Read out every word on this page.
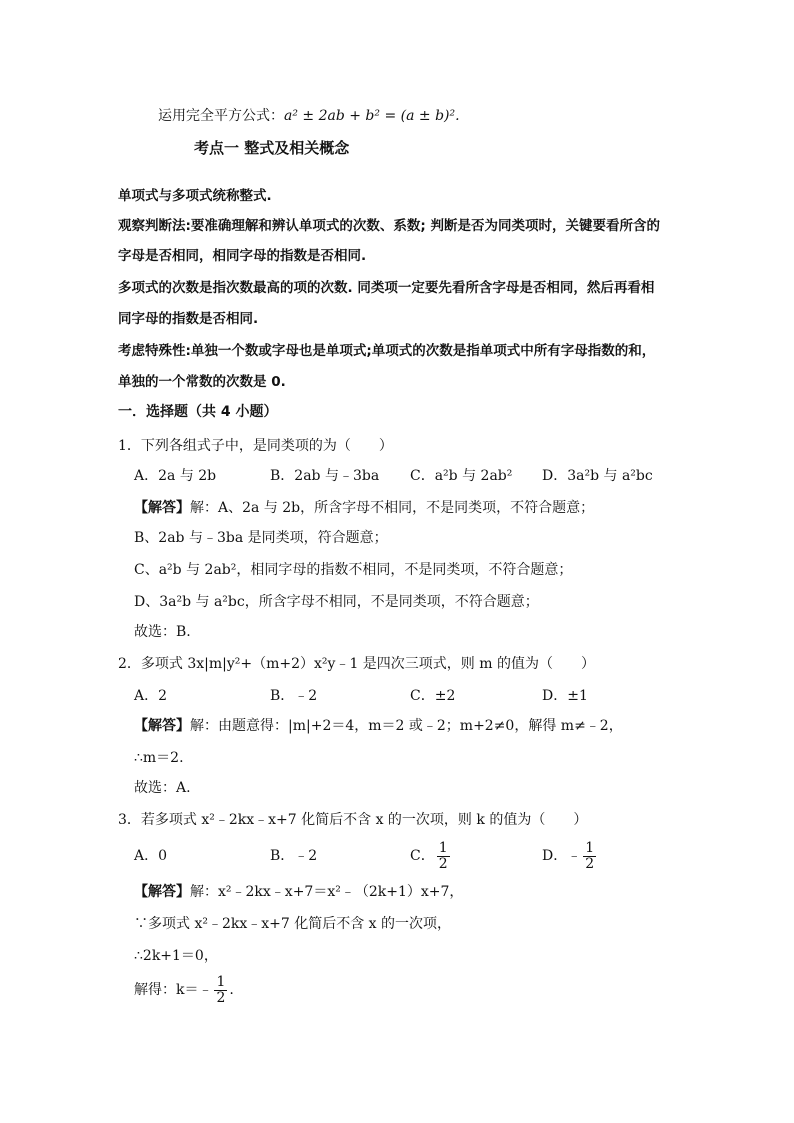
运用完全平方公式：a² ± 2ab + b² = (a ± b)².
考点一 整式及相关概念
单项式与多项式统称整式.
观察判断法:要准确理解和辨认单项式的次数、系数; 判断是否为同类项时，关键要看所含的
字母是否相同，相同字母的指数是否相同.
多项式的次数是指次数最高的项的次数. 同类项一定要先看所含字母是否相同，然后再看相
同字母的指数是否相同.
考虑特殊性:单独一个数或字母也是单项式;单项式的次数是指单项式中所有字母指数的和，
单独的一个常数的次数是 0.
一．选择题（共 4 小题）
1．下列各组式子中，是同类项的为（　　）
A．2a 与 2b	B．2ab 与﹣3ba C．a²b 与 2ab² D．3a²b 与 a²bc
【解答】解：A、2a 与 2b，所含字母不相同，不是同类项，不符合题意；
B、2ab 与﹣3ba 是同类项，符合题意；
C、a²b 与 2ab²，相同字母的指数不相同，不是同类项，不符合题意；
D、3a²b 与 a²bc，所含字母不相同，不是同类项，不符合题意；
故选：B.
2．多项式 3x|m|y²+（m+2）x²y﹣1 是四次三项式，则 m 的值为（　　）
A．2	B．﹣2	C．±2	D．±1
【解答】解：由题意得：|m|+2＝4，m＝2 或﹣2；m+2≠0，解得 m≠﹣2，
∴m＝2.
故选：A.
3．若多项式 x²﹣2kx﹣x+7 化简后不含 x 的一次项，则 k 的值为（　　）
A．0	B．﹣2	C． $\frac{1}{2}$	D．﹣ $\frac{1}{2}$
【解答】解：x²﹣2kx﹣x+7＝x²﹣（2k+1）x+7，
∵多项式 x²﹣2kx﹣x+7 化简后不含 x 的一次项，
∴2k+1＝0，
解得：k＝﹣ $\frac{1}{2}$ .
